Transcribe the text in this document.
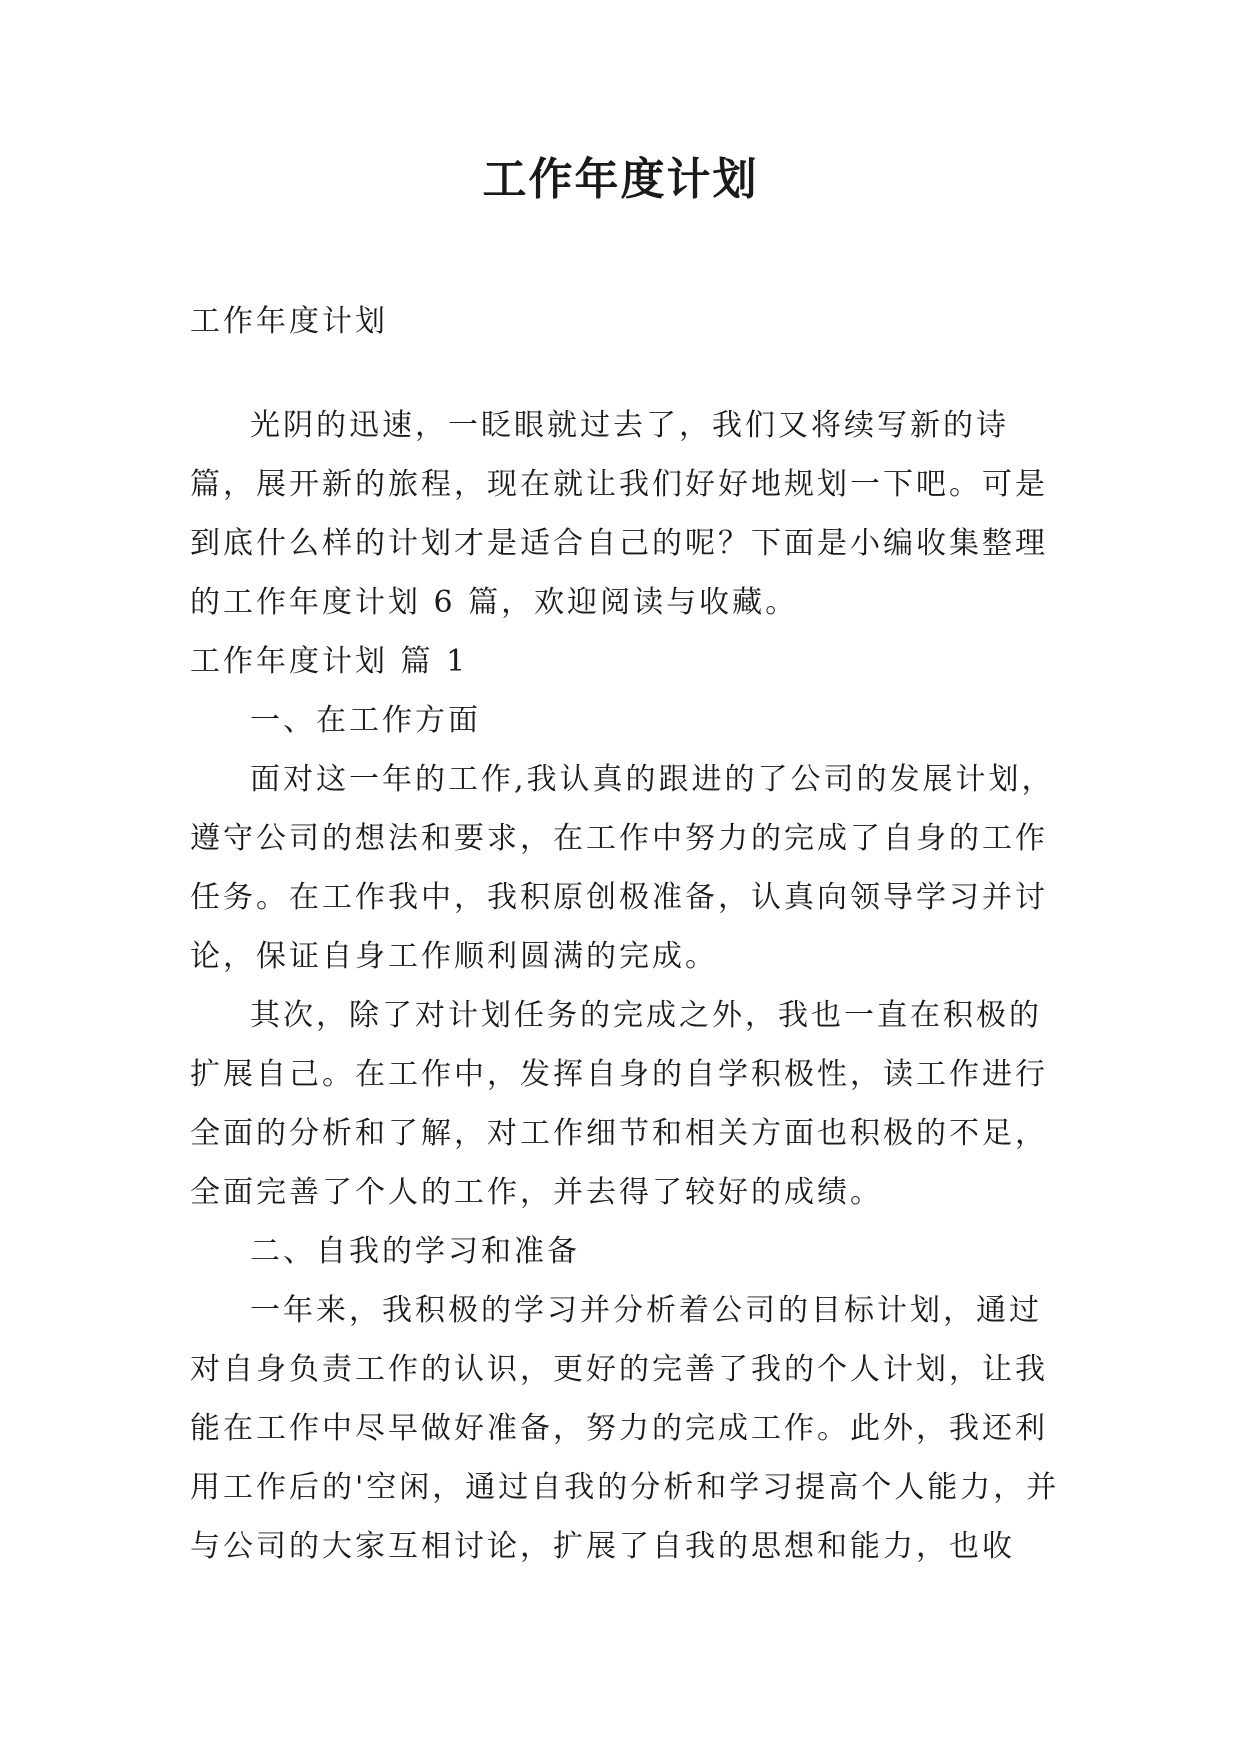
工作年度计划

工作年度计划

光阴的迅速，一眨眼就过去了，我们又将续写新的诗篇，展开新的旅程，现在就让我们好好地规划一下吧。可是到底什么样的计划才是适合自己的呢？下面是小编收集整理的工作年度计划 6 篇，欢迎阅读与收藏。

工作年度计划 篇 1

一、在工作方面

面对这一年的工作,我认真的跟进的了公司的发展计划，遵守公司的想法和要求，在工作中努力的完成了自身的工作任务。在工作我中，我积原创极准备，认真向领导学习并讨论，保证自身工作顺利圆满的完成。

其次，除了对计划任务的完成之外，我也一直在积极的扩展自己。在工作中，发挥自身的自学积极性，读工作进行全面的分析和了解，对工作细节和相关方面也积极的不足，全面完善了个人的工作，并去得了较好的成绩。

二、自我的学习和准备

一年来，我积极的学习并分析着公司的目标计划，通过对自身负责工作的认识，更好的完善了我的个人计划，让我能在工作中尽早做好准备，努力的完成工作。此外，我还利用工作后的'空闲，通过自我的分析和学习提高个人能力，并与公司的大家互相讨论，扩展了自我的思想和能力，也收
